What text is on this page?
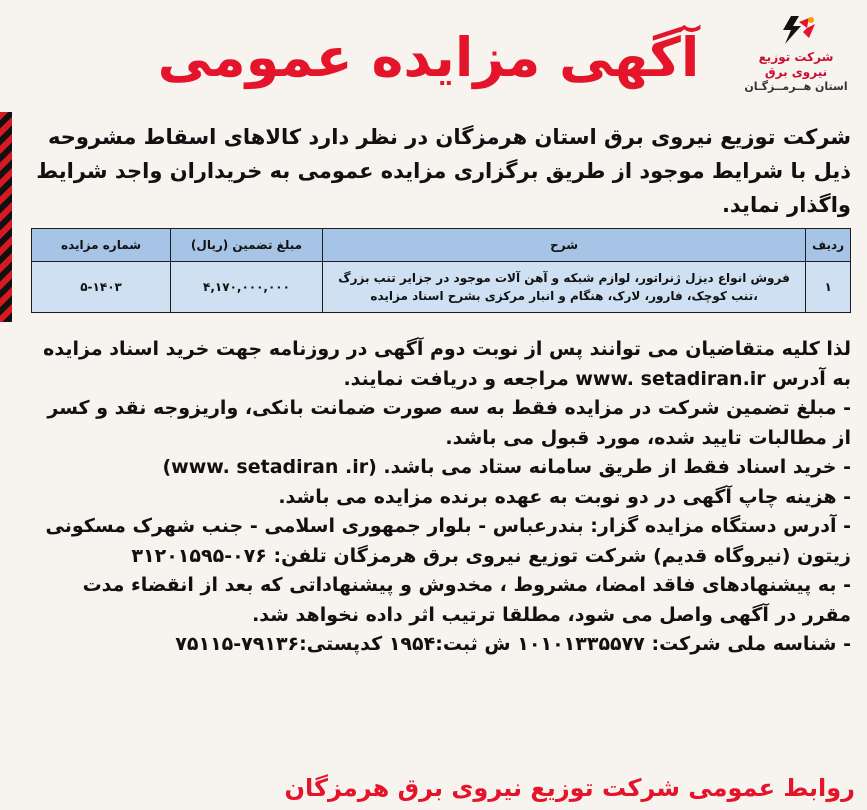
شرکت توزیع نیروی برق
استان هــرمــزگـان
آگهی مزایده عمومی
شرکت توزیع نیروی برق استان هرمزگان در نظر دارد کالاهای اسقاط مشروحه ذیل با شرایط موجود از طریق برگزاری مزایده عمومی به خریداران واجد شرایط واگذار نماید.
ردیف	شرح	مبلغ تضمین (ریال)	شماره مزایده
۱	فروش انواع دیزل ژنراتور، لوازم شبکه و آهن آلات موجود در جزایر تنب بزرگ ،تنب کوچک، فارور، لارک، هنگام و انبار مرکزی بشرح اسناد مزایده	۴,۱۷۰,۰۰۰,۰۰۰	۵-۱۴۰۳

لذا کلیه متقاضیان می توانند پس از نوبت دوم آگهی در روزنامه جهت خرید اسناد مزایده به آدرس www. setadiran.ir مراجعه و دریافت نمایند.

- مبلغ تضمین شرکت در مزایده فقط به سه صورت ضمانت بانکی، واریزوجه نقد و کسر از مطالبات تایید شده، مورد قبول می باشد.

- خرید اسناد فقط از طریق سامانه ستاد می باشد. (www. setadiran .ir)

- هزینه چاپ آگهی در دو نوبت به عهده برنده مزایده می باشد.

- آدرس دستگاه مزایده گزار: بندرعباس - بلوار جمهوری اسلامی - جنب شهرک مسکونی زیتون (نیروگاه قدیم) شرکت توزیع نیروی برق هرمزگان تلفن: ۰۷۶-۳۱۲۰۱۵۹۵

- به پیشنهادهای فاقد امضا، مشروط ، مخدوش و پیشنهاداتی که بعد از انقضاء مدت مقرر در آگهی واصل می شود، مطلقا ترتیب اثر داده نخواهد شد.

- شناسه ملی شرکت: ۱۰۱۰۱۳۳۵۵۷۷ ش ثبت:۱۹۵۴ کدپستی:۷۹۱۳۶-۷۵۱۱۵

روابط عمومی شرکت توزیع نیروی برق هرمزگان
